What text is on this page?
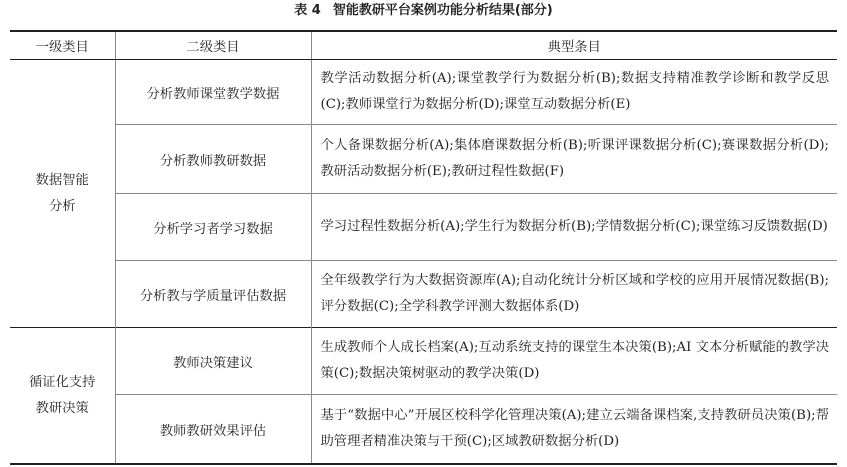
表 4 智能教研平台案例功能分析结果(部分)
一级类目	二级类目	典型条目
数据智能
分析	分析教师课堂教学数据	教学活动数据分析(A);课堂教学行为数据分析(B);数据支持精准教学诊断和教学反思(C);教师课堂行为数据分析(D);课堂互动数据分析(E)
	分析教师教研数据	个人备课数据分析(A);集体磨课数据分析(B);听课评课数据分析(C);赛课数据分析(D);教研活动数据分析(E);教研过程性数据(F)
	分析学习者学习数据	学习过程性数据分析(A);学生行为数据分析(B);学情数据分析(C);课堂练习反馈数据(D)
	分析教与学质量评估数据	全年级教学行为大数据资源库(A);自动化统计分析区域和学校的应用开展情况数据(B);评分数据(C);全学科教学评测大数据体系(D)
循证化支持
教研决策	教师决策建议	生成教师个人成长档案(A);互动系统支持的课堂生本决策(B);AI 文本分析赋能的教学决策(C);数据决策树驱动的教学决策(D)
	教师教研效果评估	基于“数据中心”开展区校科学化管理决策(A);建立云端备课档案,支持教研员决策(B);帮助管理者精准决策与干预(C);区域教研数据分析(D)
